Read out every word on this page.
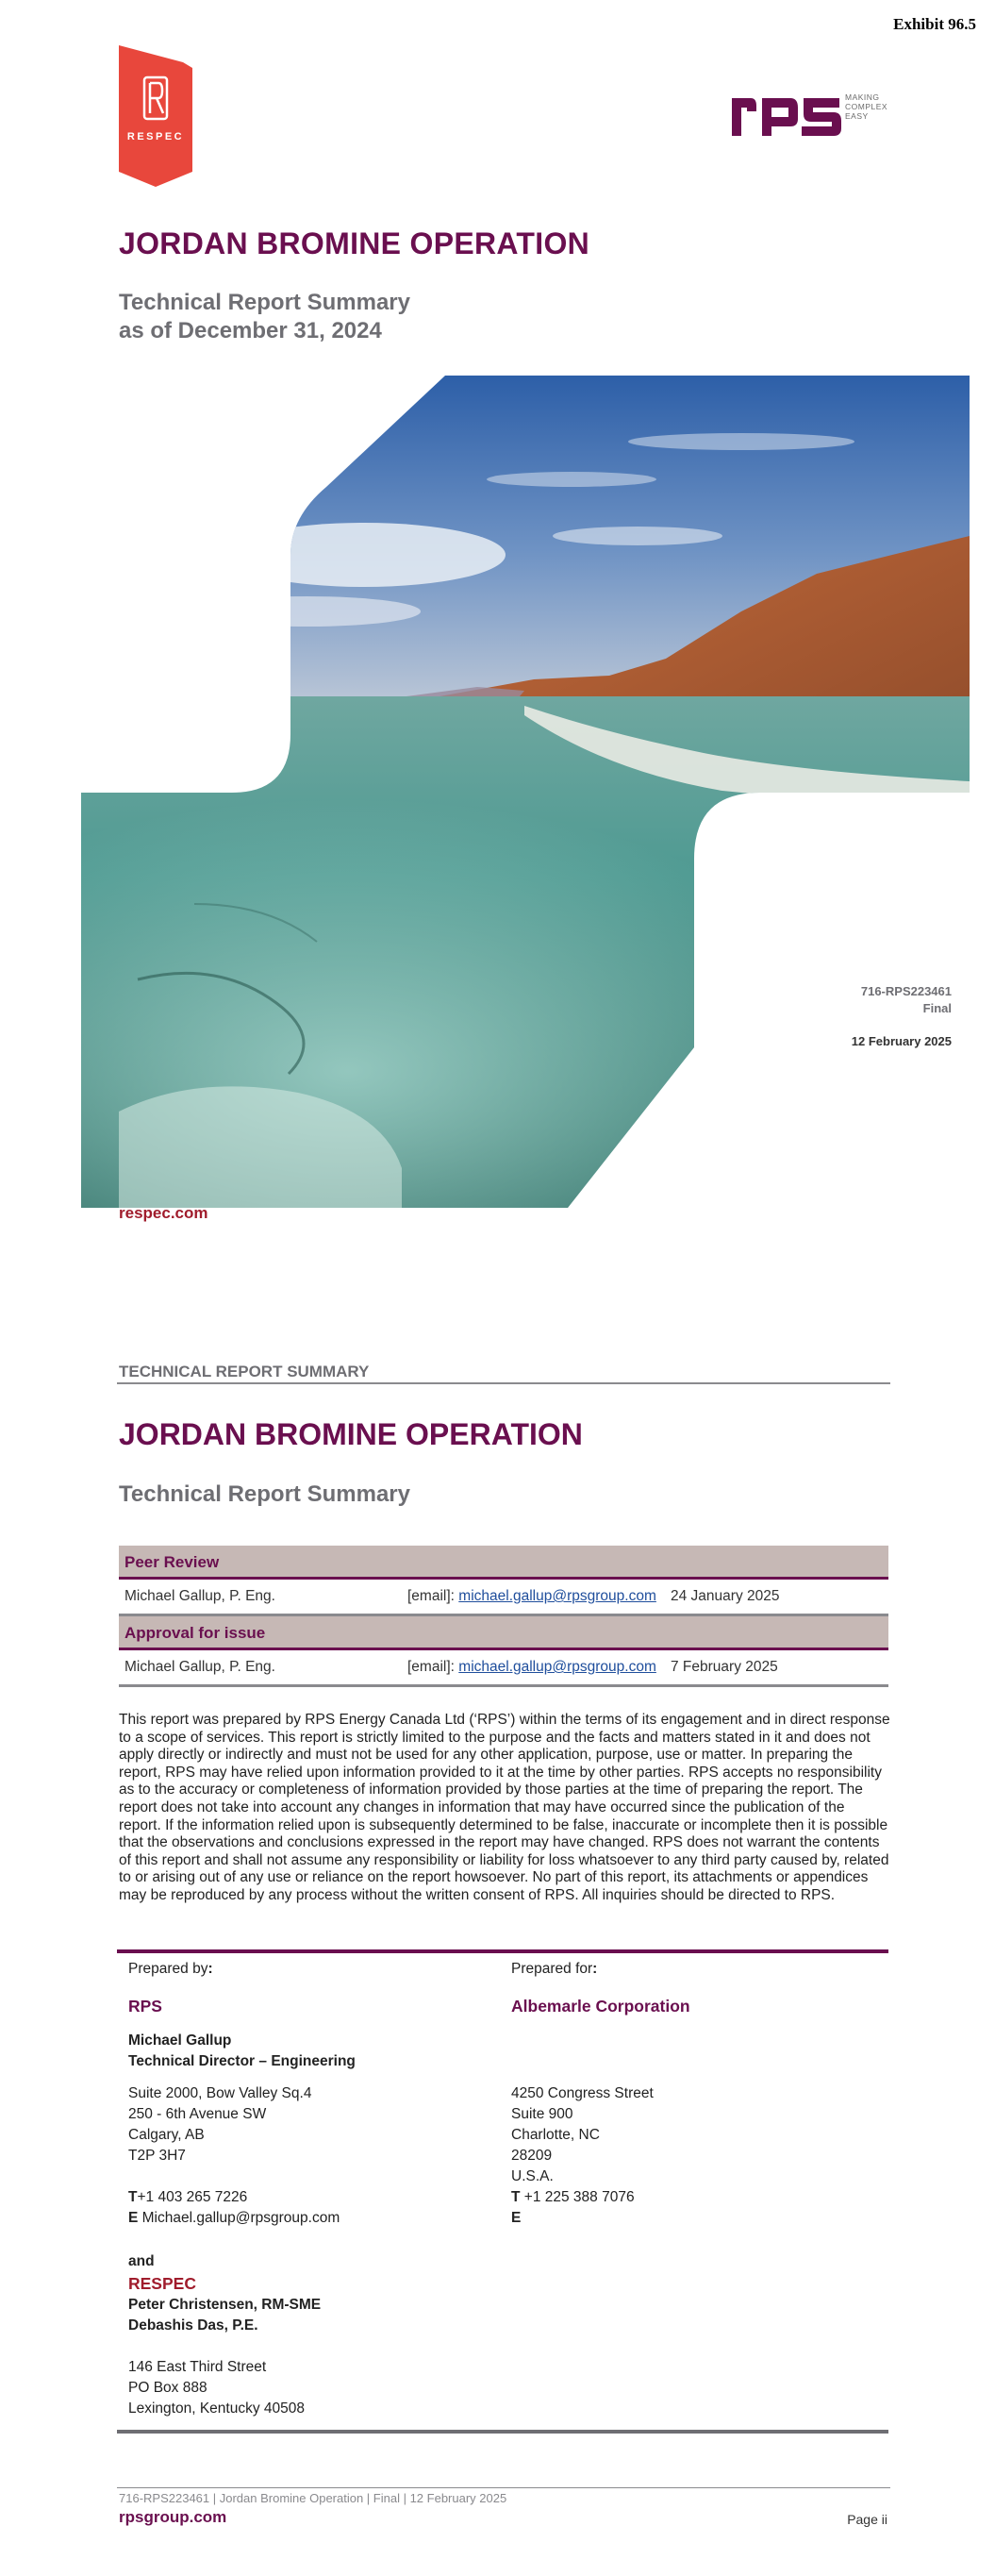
Exhibit 96.5
RESPEC
MAKING
COMPLEX
EASY
JORDAN BROMINE OPERATION
Technical Report Summary
as of December 31, 2024
716-RPS223461
Final
12 February 2025
respec.com
TECHNICAL REPORT SUMMARY
JORDAN BROMINE OPERATION
Technical Report Summary
Peer Review
Michael Gallup, P. Eng.	[email]: michael.gallup@rpsgroup.com 24 January 2025
Approval for issue
Michael Gallup, P. Eng.	[email]: michael.gallup@rpsgroup.com 7 February 2025
This report was prepared by RPS Energy Canada Ltd (‘RPS’) within the terms of its engagement and in direct response to a scope of services. This report is strictly limited to the purpose and the facts and matters stated in it and does not apply directly or indirectly and must not be used for any other application, purpose, use or matter. In preparing the report, RPS may have relied upon information provided to it at the time by other parties. RPS accepts no responsibility as to the accuracy or completeness of information provided by those parties at the time of preparing the report. The report does not take into account any changes in information that may have occurred since the publication of the report. If the information relied upon is subsequently determined to be false, inaccurate or incomplete then it is possible that the observations and conclusions expressed in the report may have changed. RPS does not warrant the contents of this report and shall not assume any responsibility or liability for loss whatsoever to any third party caused by, related to or arising out of any use or reliance on the report howsoever. No part of this report, its attachments or appendices may be reproduced by any process without the written consent of RPS. All inquiries should be directed to RPS.
Prepared by:
RPS
Michael Gallup
Technical Director – Engineering
Suite 2000, Bow Valley Sq.4
250 - 6th Avenue SW
Calgary, AB
T2P 3H7
T+1 403 265 7226
E Michael.gallup@rpsgroup.com
and
RESPEC
Peter Christensen, RM-SME
Debashis Das, P.E.
146 East Third Street
PO Box 888
Lexington, Kentucky 40508
Prepared for:
Albemarle Corporation
4250 Congress Street
Suite 900
Charlotte, NC
28209
U.S.A.
T +1 225 388 7076
E
716-RPS223461 | Jordan Bromine Operation | Final | 12 February 2025
rpsgroup.com	Page ii
